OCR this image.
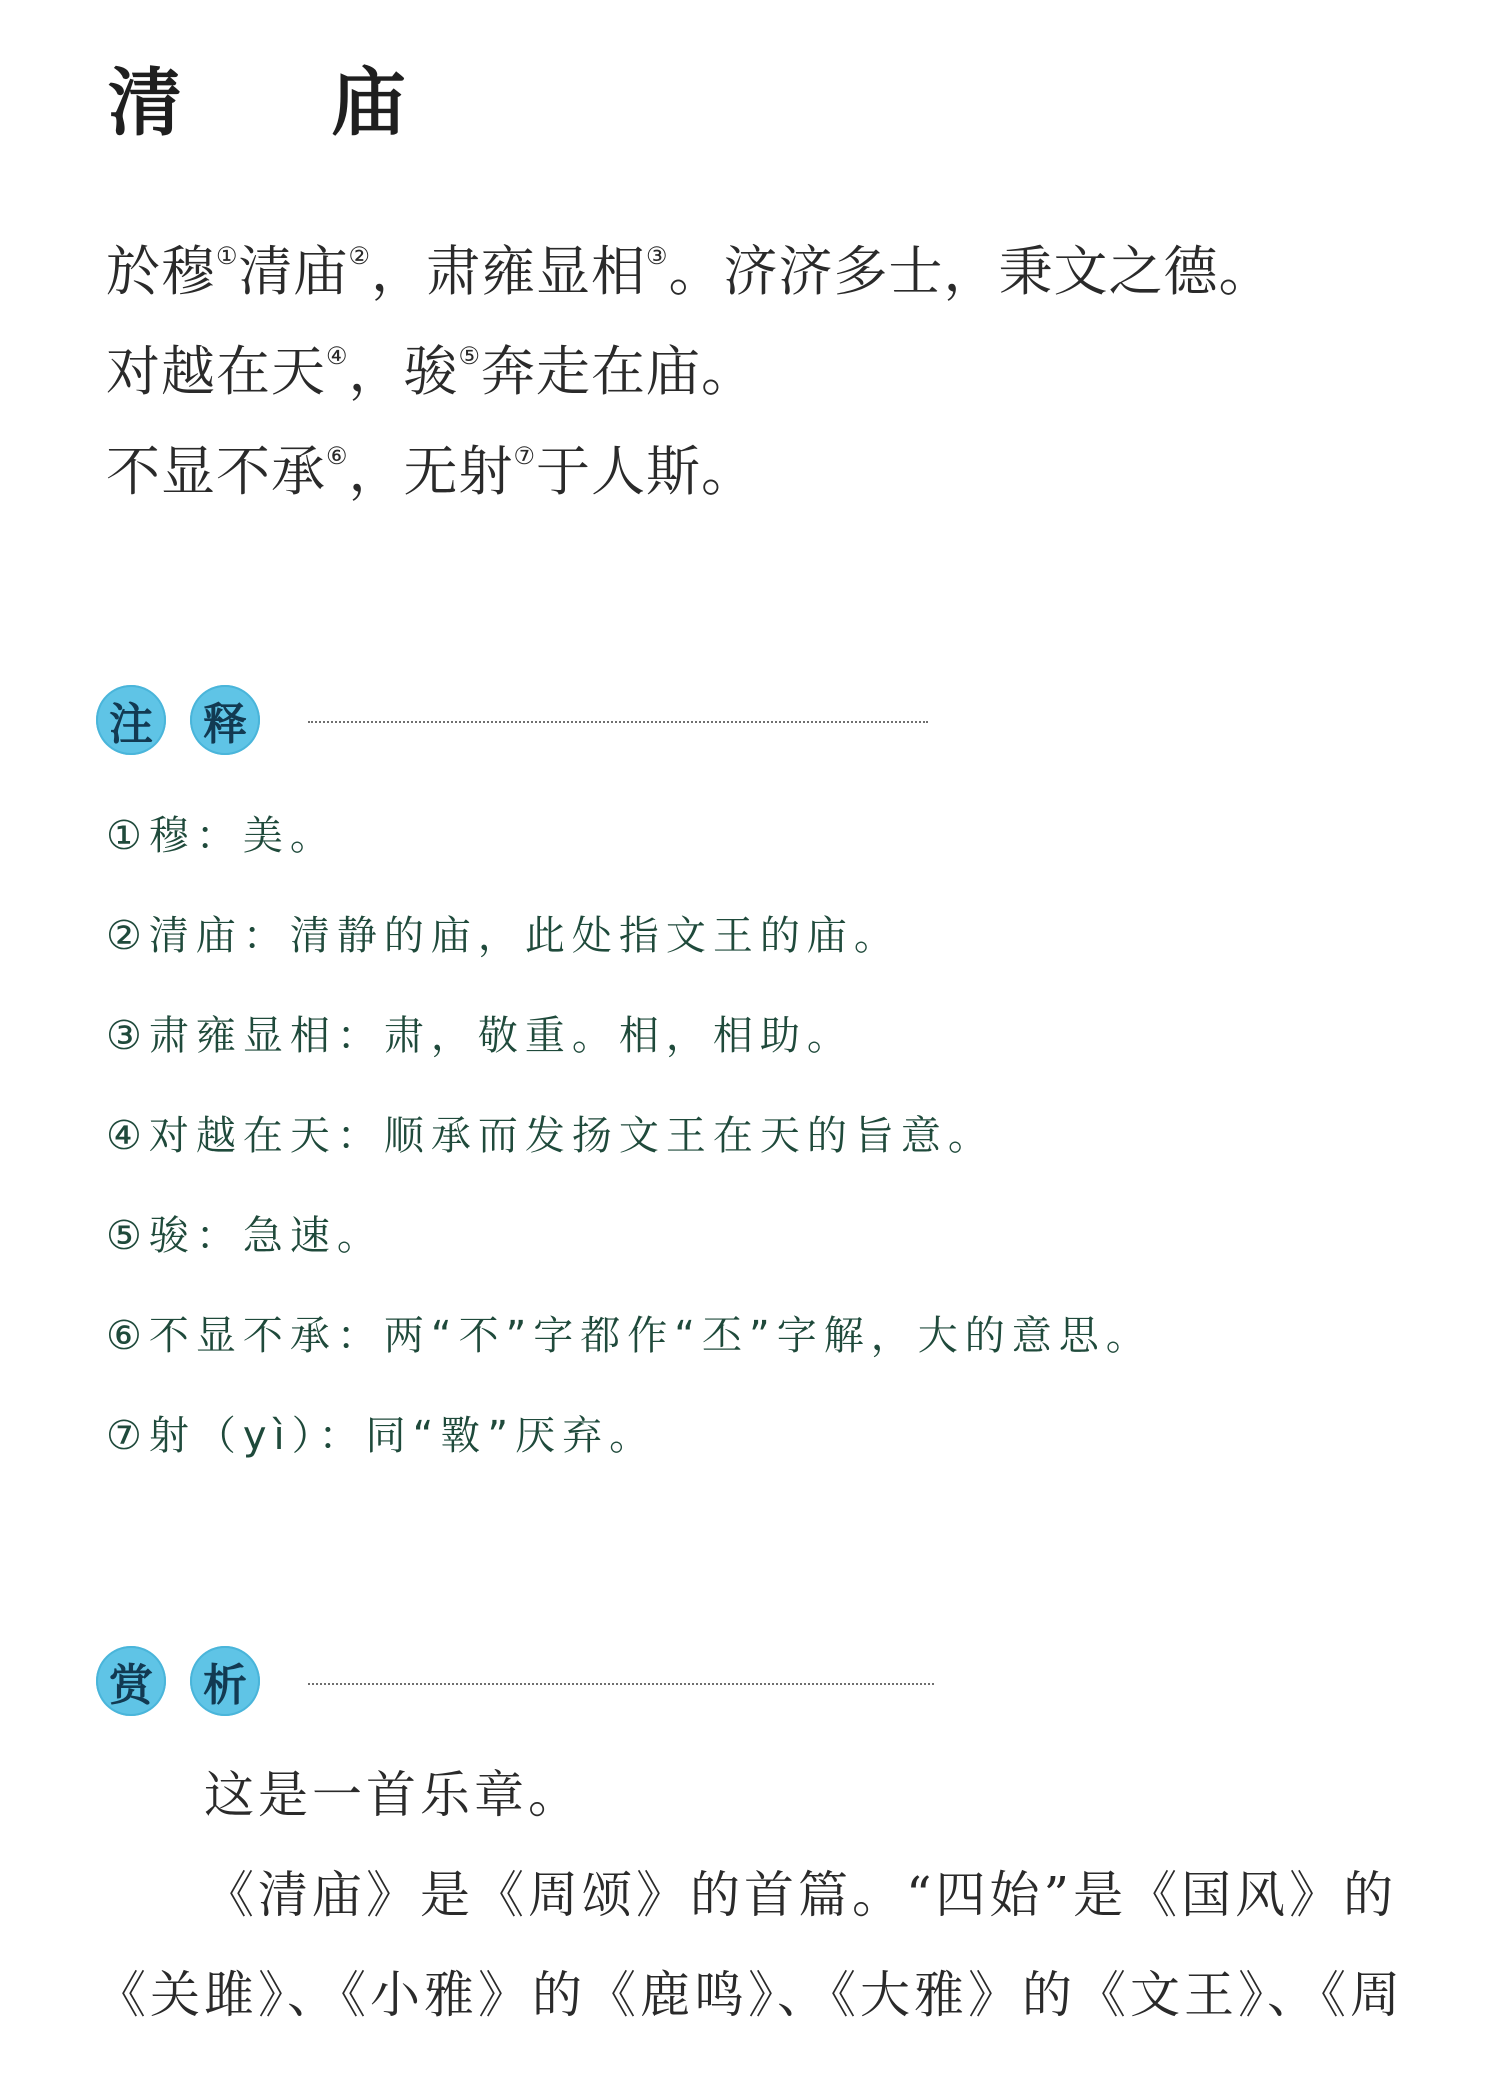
清 庙
於穆①清庙②，肃雍显相③。济济多士，秉文之德。
对越在天④，骏⑤奔走在庙。
不显不承⑥，无射⑦于人斯。
注 释
①穆：美。
②清庙：清静的庙，此处指文王的庙。
③肃雍显相：肃，敬重。相，相助。
④对越在天：顺承而发扬文王在天的旨意。
⑤骏：急速。
⑥不显不承：两“不”字都作“丕”字解，大的意思。
⑦射（yì）：同“斁”厌弃。
赏 析

这是一首乐章。

《清庙》是《周颂》的首篇。“四始”是《国风》的《关雎》、《小雅》的《鹿鸣》、《大雅》的《文王》、《周
